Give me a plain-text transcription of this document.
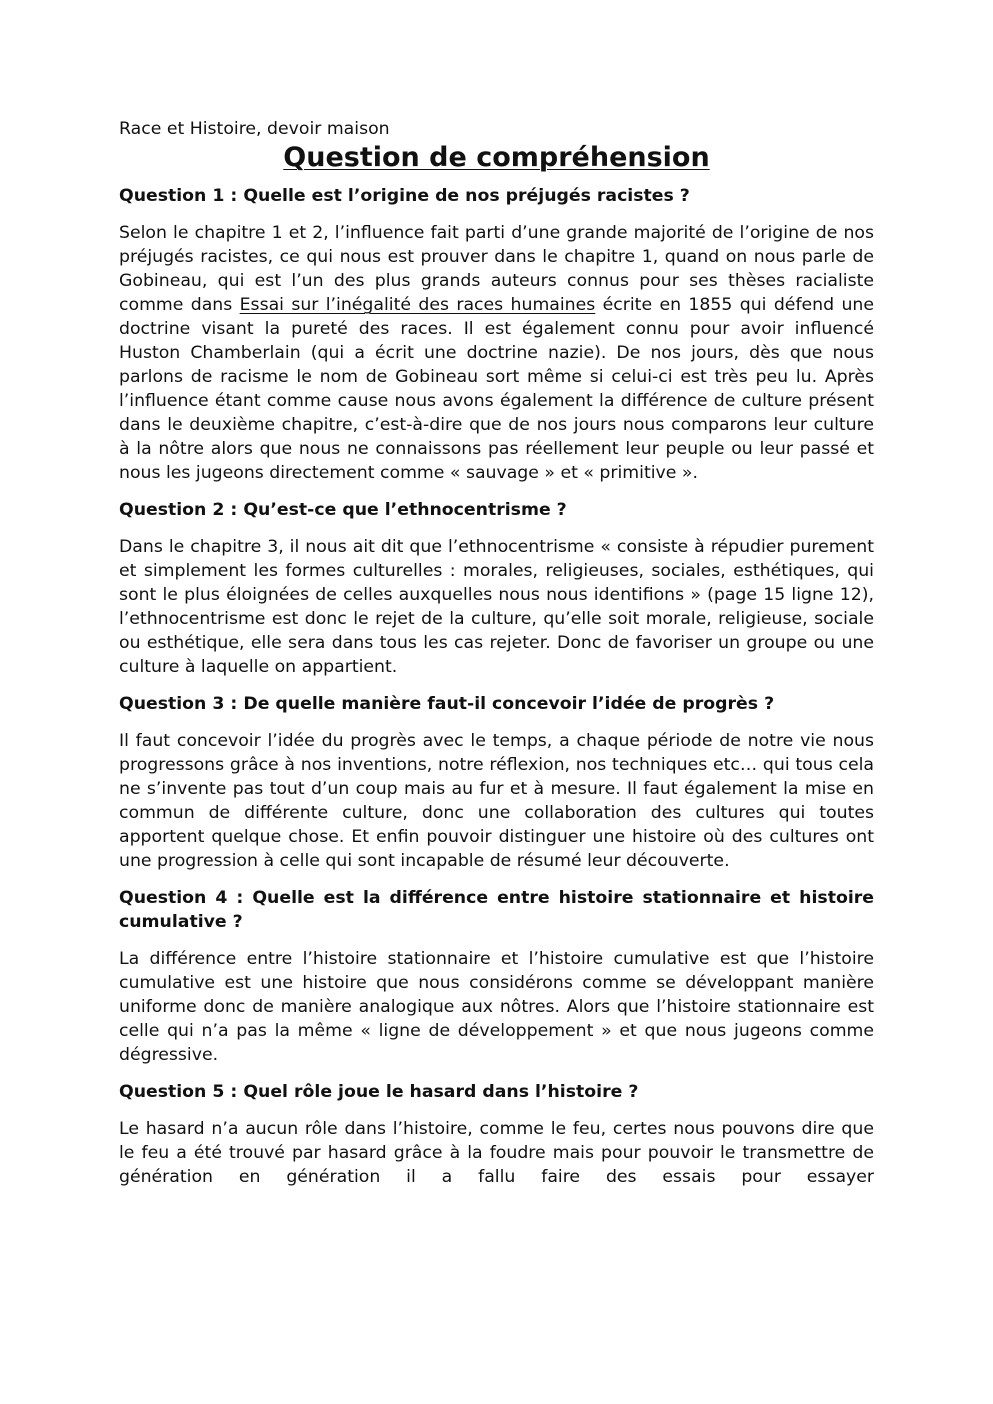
Race et Histoire, devoir maison

Question de compréhension

Question 1 : Quelle est l’origine de nos préjugés racistes ?

Selon le chapitre 1 et 2, l’influence fait parti d’une grande majorité de l’origine de nos préjugés racistes, ce qui nous est prouver dans le chapitre 1, quand on nous parle de Gobineau, qui est l’un des plus grands auteurs connus pour ses thèses racialiste comme dans Essai sur l’inégalité des races humaines écrite en 1855 qui défend une doctrine visant la pureté des races. Il est également connu pour avoir influencé Huston Chamberlain (qui a écrit une doctrine nazie). De nos jours, dès que nous parlons de racisme le nom de Gobineau sort même si celui-ci est très peu lu. Après l’influence étant comme cause nous avons également la différence de culture présent dans le deuxième chapitre, c’est-à-dire que de nos jours nous comparons leur culture à la nôtre alors que nous ne connaissons pas réellement leur peuple ou leur passé et nous les jugeons directement comme « sauvage » et « primitive ».

Question 2 : Qu’est-ce que l’ethnocentrisme ?

Dans le chapitre 3, il nous ait dit que l’ethnocentrisme « consiste à répudier purement et simplement les formes culturelles : morales, religieuses, sociales, esthétiques, qui sont le plus éloignées de celles auxquelles nous nous identifions » (page 15 ligne 12), l’ethnocentrisme est donc le rejet de la culture, qu’elle soit morale, religieuse, sociale ou esthétique, elle sera dans tous les cas rejeter. Donc de favoriser un groupe ou une culture à laquelle on appartient.

Question 3 : De quelle manière faut-il concevoir l’idée de progrès ?

Il faut concevoir l’idée du progrès avec le temps, a chaque période de notre vie nous progressons grâce à nos inventions, notre réflexion, nos techniques etc… qui tous cela ne s’invente pas tout d’un coup mais au fur et à mesure. Il faut également la mise en commun de différente culture, donc une collaboration des cultures qui toutes apportent quelque chose. Et enfin pouvoir distinguer une histoire où des cultures ont une progression à celle qui sont incapable de résumé leur découverte.

Question 4 : Quelle est la différence entre histoire stationnaire et histoire cumulative ?

La différence entre l’histoire stationnaire et l’histoire cumulative est que l’histoire cumulative est une histoire que nous considérons comme se développant manière uniforme donc de manière analogique aux nôtres. Alors que l’histoire stationnaire est celle qui n’a pas la même « ligne de développement » et que nous jugeons comme dégressive.

Question 5 : Quel rôle joue le hasard dans l’histoire ?

Le hasard n’a aucun rôle dans l’histoire, comme le feu, certes nous pouvons dire que le feu a été trouvé par hasard grâce à la foudre mais pour pouvoir le transmettre de génération en génération il a fallu faire des essais pour essayer
